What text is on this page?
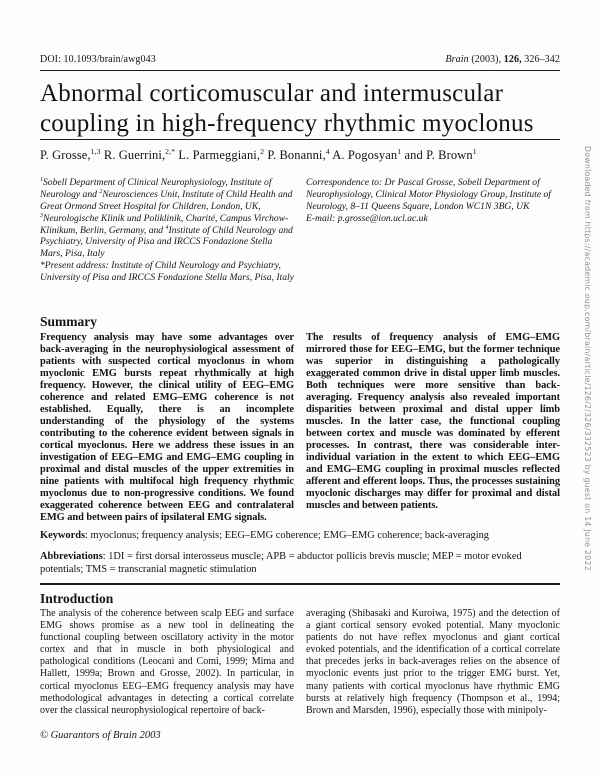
DOI: 10.1093/brain/awg043	Brain (2003), 126, 326–342
Abnormal corticomuscular and intermuscular
coupling in high-frequency rhythmic myoclonus
P. Grosse,$^{1,3}$ R. Guerrini,$^{2,*}$ L. Parmeggiani,$^2$ P. Bonanni,$^4$ A. Pogosyan$^1$ and P. Brown$^1$

$^1$Sobell Department of Clinical Neurophysiology, Institute of Neurology and $^2$Neurosciences Unit, Institute of Child Health and Great Ormond Street Hospital for Children, London, UK, $^3$Neurologische Klinik und Poliklinik, Charité, Campus Virchow-Klinikum, Berlin, Germany, and $^4$Institute of Child Neurology and Psychiatry, University of Pisa and IRCCS Fondazione Stella Mars, Pisa, Italy

*Present address: Institute of Child Neurology and Psychiatry, University of Pisa and IRCCS Fondazione Stella Mars, Pisa, Italy

Correspondence to: Dr Pascal Grosse, Sobell Department of Neurophysiology, Clinical Motor Physiology Group, Institute of Neurology, 8–11 Queens Square, London WC1N 3BG, UK

E-mail: p.grosse@ion.ucl.ac.uk

Summary
Frequency analysis may have some advantages over back-averaging in the neurophysiological assessment of patients with suspected cortical myoclonus in whom myoclonic EMG bursts repeat rhythmically at high frequency. However, the clinical utility of EEG–EMG coherence and related EMG–EMG coherence is not established. Equally, there is an incomplete understanding of the physiology of the systems contributing to the coherence evident between signals in cortical myoclonus. Here we address these issues in an investigation of EEG–EMG and EMG–EMG coupling in proximal and distal muscles of the upper extremities in nine patients with multifocal high frequency rhythmic myoclonus due to non-progressive conditions. We found exaggerated coherence between EEG and contralateral EMG and between pairs of ipsilateral EMG signals.
The results of frequency analysis of EMG–EMG mirrored those for EEG–EMG, but the former technique was superior in distinguishing a pathologically exaggerated common drive in distal upper limb muscles. Both techniques were more sensitive than back-averaging. Frequency analysis also revealed important disparities between proximal and distal upper limb muscles. In the latter case, the functional coupling between cortex and muscle was dominated by efferent processes. In contrast, there was considerable inter-individual variation in the extent to which EEG–EMG and EMG–EMG coupling in proximal muscles reflected afferent and efferent loops. Thus, the processes sustaining myoclonic discharges may differ for proximal and distal muscles and between patients.
Keywords: myoclonus; frequency analysis; EEG–EMG coherence; EMG–EMG coherence; back-averaging
Abbreviations: 1DI = first dorsal interosseus muscle; APB = abductor pollicis brevis muscle; MEP = motor evoked potentials; TMS = transcranial magnetic stimulation
Introduction
The analysis of the coherence between scalp EEG and surface EMG shows promise as a new tool in delineating the functional coupling between oscillatory activity in the motor cortex and that in muscle in both physiological and pathological conditions (Leocani and Comi, 1999; Mima and Hallett, 1999a; Brown and Grosse, 2002). In particular, in cortical myoclonus EEG–EMG frequency analysis may have methodological advantages in detecting a cortical correlate over the classical neurophysiological repertoire of back-
averaging (Shibasaki and Kuroiwa, 1975) and the detection of a giant cortical sensory evoked potential. Many myoclonic patients do not have reflex myoclonus and giant cortical evoked potentials, and the identification of a cortical correlate that precedes jerks in back-averages relies on the absence of myoclonic events just prior to the trigger EMG burst. Yet, many patients with cortical myoclonus have rhythmic EMG bursts at relatively high frequency (Thompson et al., 1994; Brown and Marsden, 1996), especially those with minipoly-
© Guarantors of Brain 2003
Downloaded from https://academic.oup.com/brain/article/126/2/326/332523 by guest on 14 June 2022
